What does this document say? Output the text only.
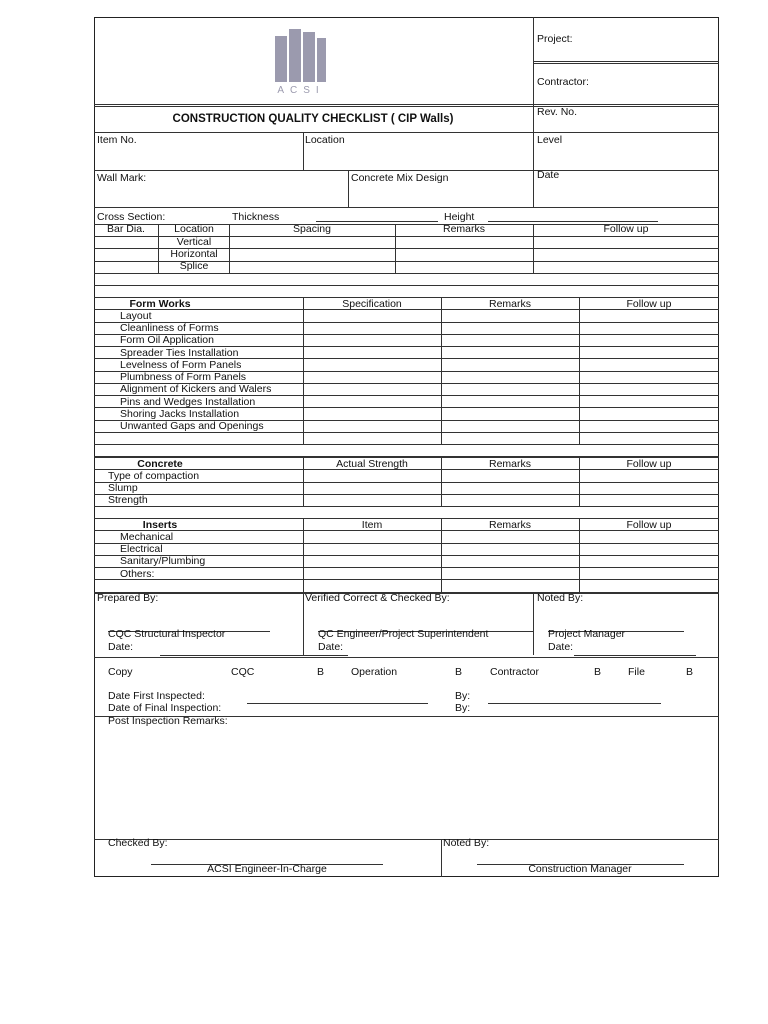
ACSI
Project:
Contractor:
CONSTRUCTION QUALITY CHECKLIST ( CIP Walls)
Rev. No.
Item No.	Location	Level
Wall Mark:	Concrete Mix Design	Date
Cross Section:	Thickness	Height
Bar Dia.	Location	Spacing	Remarks	Follow up
Vertical
Horizontal
Splice
Form Works	Specification	Remarks	Follow up
Layout
Cleanliness of Forms
Form Oil Application
Spreader Ties Installation
Levelness of Form Panels
Plumbness of Form Panels
Alignment of Kickers and Walers
Pins and Wedges Installation
Shoring Jacks Installation
Unwanted Gaps and Openings
Concrete	Actual Strength	Remarks	Follow up
Type of compaction
Slump
Strength
Inserts	Item	Remarks	Follow up
Mechanical
Electrical
Sanitary/Plumbing
Others:
Prepared By:	Verified Correct & Checked By:	Noted By:
CQC Structural Inspector	QC Engineer/Project Superintendent	Project Manager
Date:	Date:	Date:
Copy	CQC	B	Operation	B	Contractor	B	File	B
Date First Inspected:	By:
Date of Final Inspection:	By:
Post Inspection Remarks:
Checked By:	Noted By:
ACSI Engineer-In-Charge	Construction Manager
